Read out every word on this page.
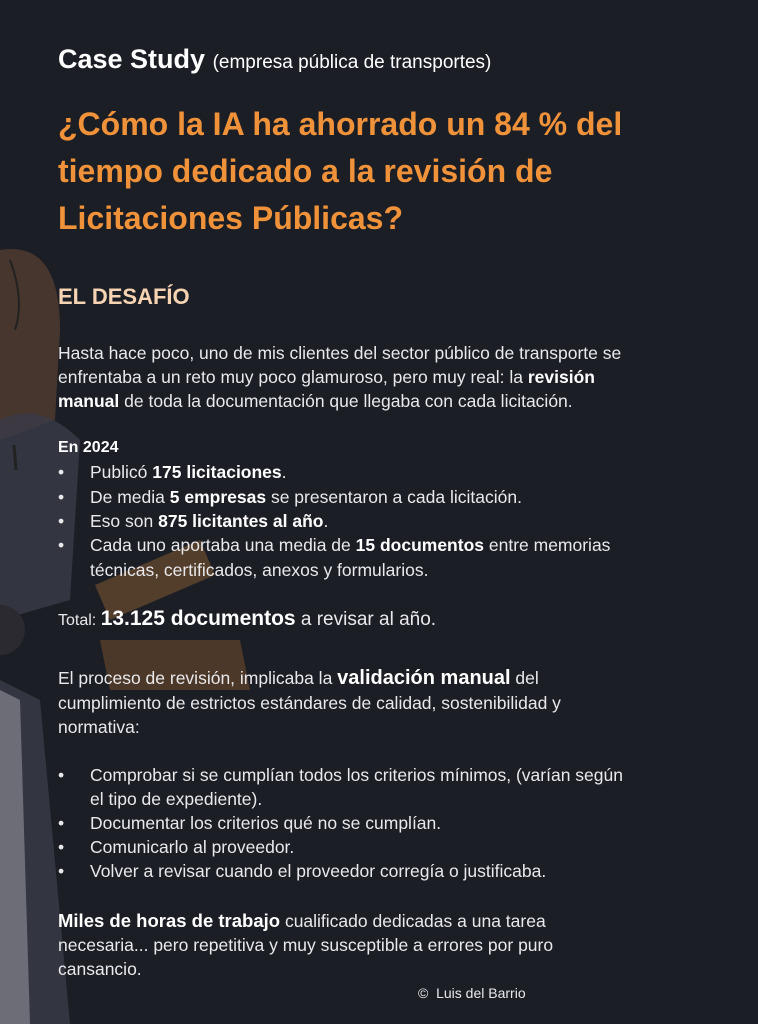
Case Study (empresa pública de transportes)
¿Cómo la IA ha ahorrado un 84 % del
tiempo dedicado a la revisión de
Licitaciones Públicas?
EL DESAFÍO
Hasta hace poco, uno de mis clientes del sector público de transporte se
enfrentaba a un reto muy poco glamuroso, pero muy real: la revisión
manual de toda la documentación que llegaba con cada licitación.
En 2024
• Publicó 175 licitaciones.
• De media 5 empresas se presentaron a cada licitación.
• Eso son 875 licitantes al año.
• Cada uno aportaba una media de 15 documentos entre memorias
técnicas, certificados, anexos y formularios.
Total: 13.125 documentos a revisar al año.
El proceso de revisión, implicaba la validación manual del
cumplimiento de estrictos estándares de calidad, sostenibilidad y
normativa:
• Comprobar si se cumplían todos los criterios mínimos, (varían según
el tipo de expediente).
• Documentar los criterios qué no se cumplían.
• Comunicarlo al proveedor.
• Volver a revisar cuando el proveedor corregía o justificaba.
Miles de horas de trabajo cualificado dedicadas a una tarea
necesaria... pero repetitiva y muy susceptible a errores por puro
cansancio.
© Luis del Barrio
